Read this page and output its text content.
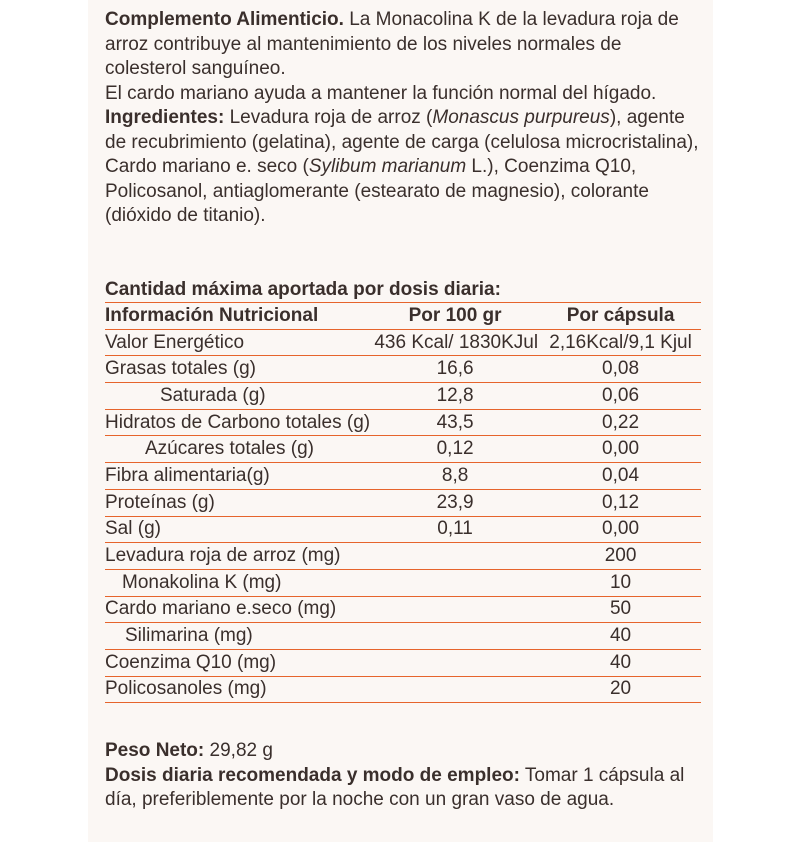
Complemento Alimenticio. La Monacolina K de la levadura roja de arroz contribuye al mantenimiento de los niveles normales de colesterol sanguíneo.

El cardo mariano ayuda a mantener la función normal del hígado.

Ingredientes: Levadura roja de arroz (Monascus purpureus), agente de recubrimiento (gelatina), agente de carga (celulosa microcristalina), Cardo mariano e. seco (Sylibum marianum L.), Coenzima Q10, Policosanol, antiaglomerante (estearato de magnesio), colorante (dióxido de titanio).

Cantidad máxima aportada por dosis diaria:
Información Nutricional	Por 100 gr	Por cápsula
Valor Energético	436 Kcal/ 1830KJul	2,16Kcal/9,1 Kjul
Grasas totales (g)	16,6	0,08
Saturada (g)	12,8	0,06
Hidratos de Carbono totales (g)	43,5	0,22
Azúcares totales (g)	0,12	0,00
Fibra alimentaria(g)	8,8	0,04
Proteínas (g)	23,9	0,12
Sal (g)	0,11	0,00
Levadura roja de arroz (mg)		200
Monakolina K (mg)		10
Cardo mariano e.seco (mg)		50
Silimarina (mg)		40
Coenzima Q10 (mg)		40
Policosanoles (mg)		20

Peso Neto: 29,82 g

Dosis diaria recomendada y modo de empleo: Tomar 1 cápsula al día, preferiblemente por la noche con un gran vaso de agua.
